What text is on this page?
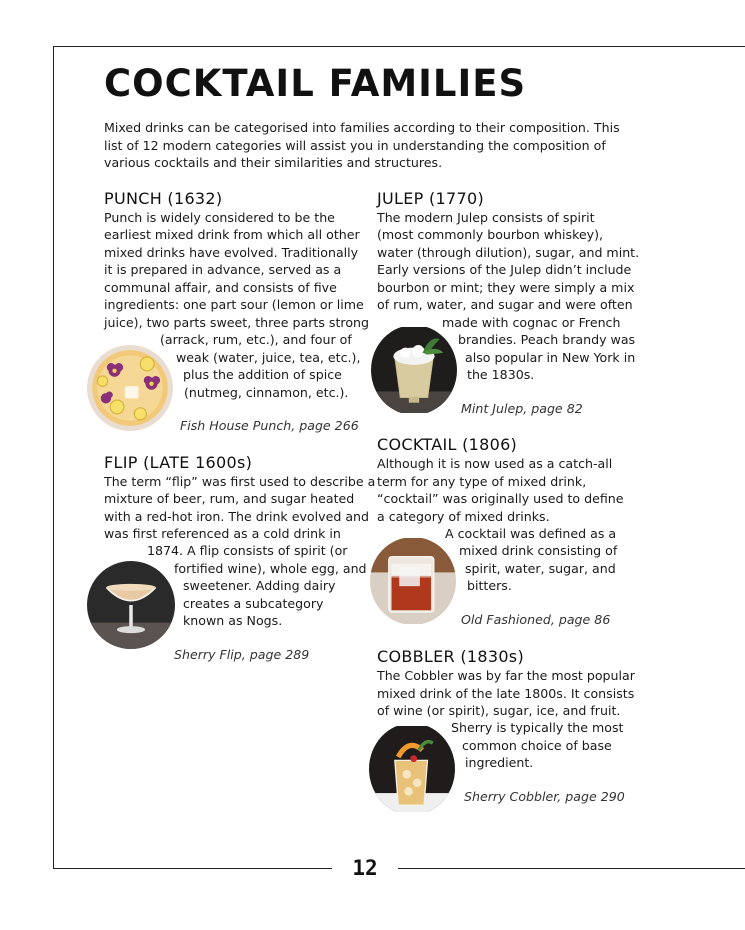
12
COCKTAIL FAMILIES

Mixed drinks can be categorised into families according to their composition. This list of 12 modern categories will assist you in understanding the composition of various cocktails and their similarities and structures.

PUNCH (1632)
Punch is widely considered to be the
earliest mixed drink from which all other
mixed drinks have evolved. Traditionally
it is prepared in advance, served as a
communal affair, and consists of five
ingredients: one part sour (lemon or lime
juice), two parts sweet, three parts strong
(arrack, rum, etc.), and four of
weak (water, juice, tea, etc.),
plus the addition of spice
(nutmeg, cinnamon, etc.).
Fish House Punch, page 266
FLIP (LATE 1600s)
The term “flip” was first used to describe a
mixture of beer, rum, and sugar heated
with a red-hot iron. The drink evolved and
was first referenced as a cold drink in
1874. A flip consists of spirit (or
fortified wine), whole egg, and
sweetener. Adding dairy
creates a subcategory
known as Nogs.
Sherry Flip, page 289
JULEP (1770)
The modern Julep consists of spirit
(most commonly bourbon whiskey),
water (through dilution), sugar, and mint.
Early versions of the Julep didn’t include
bourbon or mint; they were simply a mix
of rum, water, and sugar and were often
made with cognac or French
brandies. Peach brandy was
also popular in New York in
the 1830s.
Mint Julep, page 82
COCKTAIL (1806)
Although it is now used as a catch-all
term for any type of mixed drink,
“cocktail” was originally used to define
a category of mixed drinks.
A cocktail was defined as a
mixed drink consisting of
spirit, water, sugar, and
bitters.
Old Fashioned, page 86
COBBLER (1830s)
The Cobbler was by far the most popular
mixed drink of the late 1800s. It consists
of wine (or spirit), sugar, ice, and fruit.
Sherry is typically the most
common choice of base
ingredient.
Sherry Cobbler, page 290
